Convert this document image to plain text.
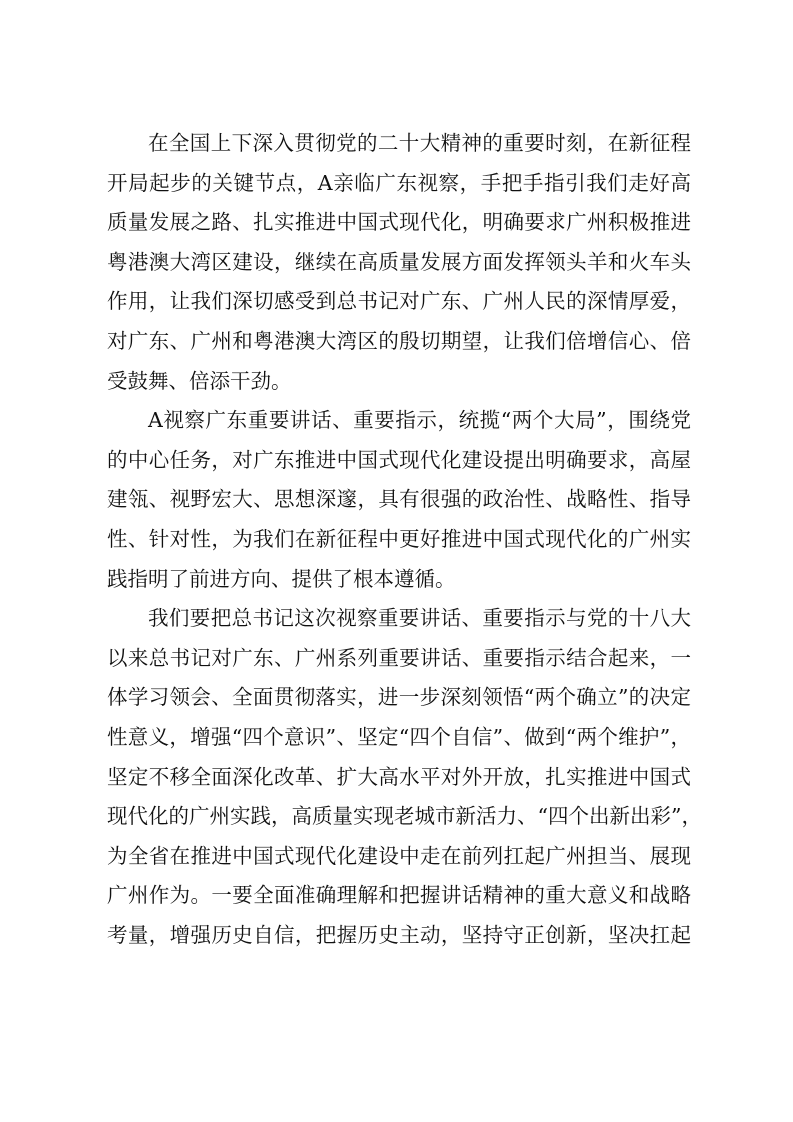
在全国上下深入贯彻党的二十大精神的重要时刻，在新征程
开局起步的关键节点，A亲临广东视察，手把手指引我们走好高
质量发展之路、扎实推进中国式现代化，明确要求广州积极推进
粤港澳大湾区建设，继续在高质量发展方面发挥领头羊和火车头
作用，让我们深切感受到总书记对广东、广州人民的深情厚爱，
对广东、广州和粤港澳大湾区的殷切期望，让我们倍增信心、倍
受鼓舞、倍添干劲。
A视察广东重要讲话、重要指示，统揽“两个大局”，围绕党
的中心任务，对广东推进中国式现代化建设提出明确要求，高屋
建瓴、视野宏大、思想深邃，具有很强的政治性、战略性、指导
性、针对性，为我们在新征程中更好推进中国式现代化的广州实
践指明了前进方向、提供了根本遵循。
我们要把总书记这次视察重要讲话、重要指示与党的十八大
以来总书记对广东、广州系列重要讲话、重要指示结合起来，一
体学习领会、全面贯彻落实，进一步深刻领悟“两个确立”的决定
性意义，增强“四个意识”、坚定“四个自信”、做到“两个维护”，
坚定不移全面深化改革、扩大高水平对外开放，扎实推进中国式
现代化的广州实践，高质量实现老城市新活力、“四个出新出彩”，
为全省在推进中国式现代化建设中走在前列扛起广州担当、展现
广州作为。一要全面准确理解和把握讲话精神的重大意义和战略
考量，增强历史自信，把握历史主动，坚持守正创新，坚决扛起
